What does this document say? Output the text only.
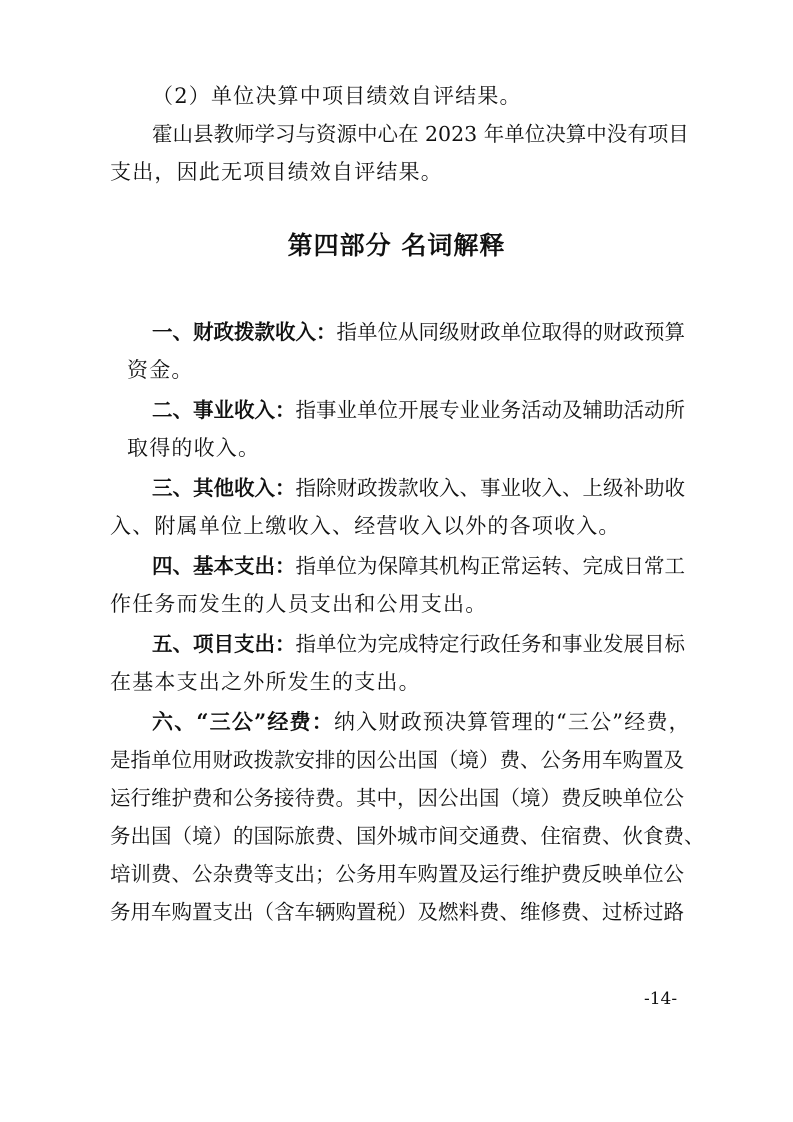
（2）单位决算中项目绩效自评结果。
霍山县教师学习与资源中心在 2023 年单位决算中没有项目
支出，因此无项目绩效自评结果。
第四部分 名词解释
一、财政拨款收入：指单位从同级财政单位取得的财政预算
资金。
二、事业收入：指事业单位开展专业业务活动及辅助活动所
取得的收入。
三、其他收入：指除财政拨款收入、事业收入、上级补助收
入、附属单位上缴收入、经营收入以外的各项收入。
四、基本支出：指单位为保障其机构正常运转、完成日常工
作任务而发生的人员支出和公用支出。
五、项目支出：指单位为完成特定行政任务和事业发展目标
在基本支出之外所发生的支出。
六、“三公”经费：纳入财政预决算管理的“三公”经费，
是指单位用财政拨款安排的因公出国（境）费、公务用车购置及
运行维护费和公务接待费。其中，因公出国（境）费反映单位公
务出国（境）的国际旅费、国外城市间交通费、住宿费、伙食费、
培训费、公杂费等支出；公务用车购置及运行维护费反映单位公
务用车购置支出（含车辆购置税）及燃料费、维修费、过桥过路
-14-
